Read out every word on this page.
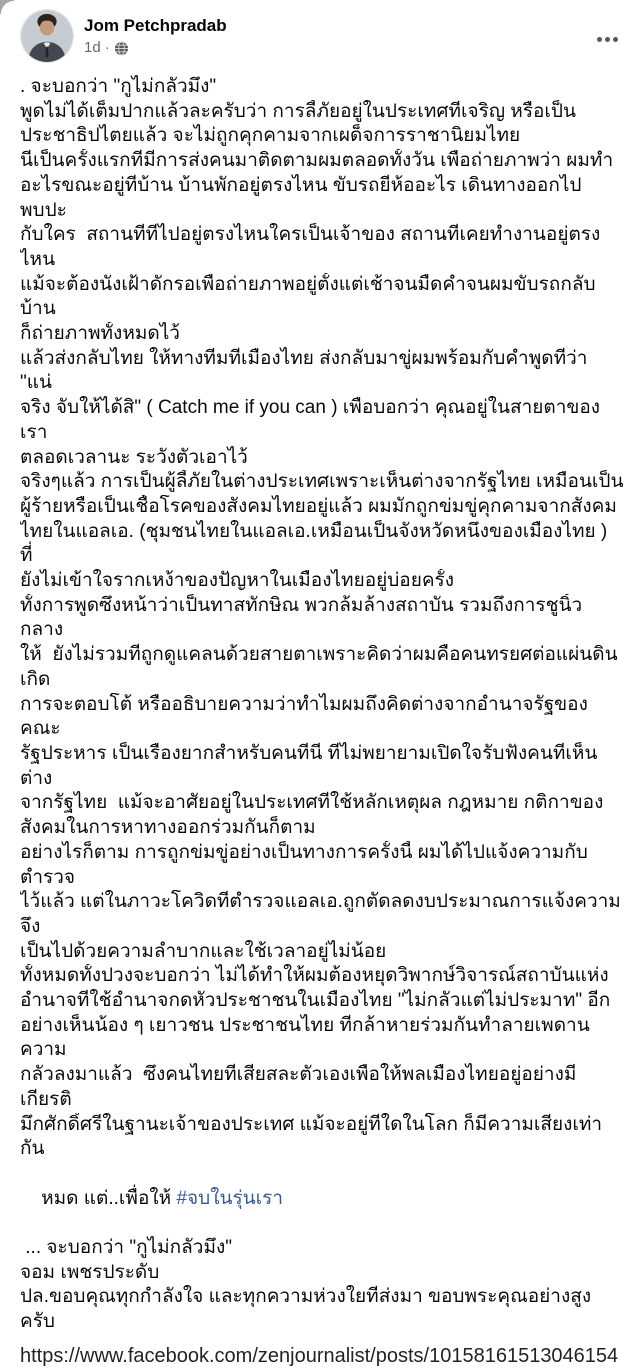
Jom Petchpradab
1d ·
. จะบอกว่า "กูไม่กลัวมึง"
พูดไม่ได้เต็มปากแล้วละครับว่า การลี้ภัยอยู่ในประเทศที่เจริญ หรือเป็น
ประชาธิปไตยแล้ว จะไม่ถูกคุกคามจากเผด็จการราชานิยมไทย
นี่เป็นครั้งแรกที่มีการส่งคนมาติดตามผมตลอดทั้งวัน เพื่อถ่ายภาพว่า ผมทำ
อะไรขณะอยู่ที่บ้าน บ้านพักอยู่ตรงไหน ขับรถยี่ห้ออะไร เดินทางออกไปพบปะ
กับใคร  สถานที่ที่ไปอยู่ตรงไหนใครเป็นเจ้าของ สถานที่เคยทำงานอยู่ตรงไหน
แม้จะต้องนั่งเฝ้าดักรอเพื่อถ่ายภาพอยู่ตั้งแต่เช้าจนมืดค่ำจนผมขับรถกลับบ้าน
ก็ถ่ายภาพทั้งหมดไว้
แล้วส่งกลับไทย ให้ทางทีมที่เมืองไทย ส่งกลับมาขู่ผมพร้อมกับคำพูดที่ว่า "แน่
จริง จับให้ได้สิ" ( Catch me if you can ) เพื่อบอกว่า คุณอยู่ในสายตาของเรา
ตลอดเวลานะ ระวังตัวเอาไว้
จริงๆแล้ว การเป็นผู้ลี้ภัยในต่างประเทศเพราะเห็นต่างจากรัฐไทย เหมือนเป็น
ผู้ร้ายหรือเป็นเชื้อโรคของสังคมไทยอยู่แล้ว ผมมักถูกข่มขู่คุกคามจากสังคม
ไทยในแอลเอ. (ชุมชนไทยในแอลเอ.เหมือนเป็นจังหวัดหนึ่งของเมืองไทย ) ที่
ยังไม่เข้าใจรากเหง้าของปัญหาในเมืองไทยอยู่บ่อยครั้ง
ทั้งการพูดซึ่งหน้าว่าเป็นทาสทักษิณ พวกล้มล้างสถาบัน รวมถึงการชูนิ้วกลาง
ให้  ยังไม่รวมที่ถูกดูแคลนด้วยสายตาเพราะคิดว่าผมคือคนทรยศต่อแผ่นดินเกิด
การจะตอบโต้ หรืออธิบายความว่าทำไมผมถึงคิดต่างจากอำนาจรัฐของคณะ
รัฐประหาร เป็นเรื่องยากสำหรับคนที่นี่ ที่ไม่พยายามเปิดใจรับฟังคนที่เห็นต่าง
จากรัฐไทย  แม้จะอาศัยอยู่ในประเทศที่ใช้หลักเหตุผล กฎหมาย กติกาของ
สังคมในการหาทางออกร่วมกันก็ตาม
อย่างไรก็ตาม การถูกข่มขู่อย่างเป็นทางการครั้งนี้ ผมได้ไปแจ้งความกับตำรวจ
ไว้แล้ว แต่ในภาวะโควิดที่ตำรวจแอลเอ.ถูกตัดลดงบประมาณการแจ้งความจึง
เป็นไปด้วยความลำบากและใช้เวลาอยู่ไม่น้อย
ทั้งหมดทั้งปวงจะบอกว่า ไม่ได้ทำให้ผมต้องหยุดวิพากษ์วิจารณ์สถาบันแห่ง
อำนาจที่ใช้อำนาจกดหัวประชาชนในเมืองไทย "ไม่กลัวแต่ไม่ประมาท" อีก
อย่างเห็นน้อง ๆ เยาวชน ประชาชนไทย ที่กล้าหายร่วมกันทำลายเพดานความ
กลัวลงมาแล้ว  ซึ่งคนไทยที่เสียสละตัวเองเพื่อให้พลเมืองไทยอยู่อย่างมีเกียรติ
มึกศักดิ์ศรีในฐานะเจ้าของประเทศ แม้จะอยู่ที่ใดในโลก ก็มีความเสี่ยงเท่ากัน

หมด แต่..เพื่อให้ #จบในรุ่นเรา

... จะบอกว่า "กูไม่กลัวมึง"
จอม เพชรประดับ
ปล.ขอบคุณทุกกำลังใจ และทุกความห่วงใยที่ส่งมา ขอบพระคุณอย่างสูงครับ
https://www.facebook.com/zenjournalist/posts/10158161513046154
